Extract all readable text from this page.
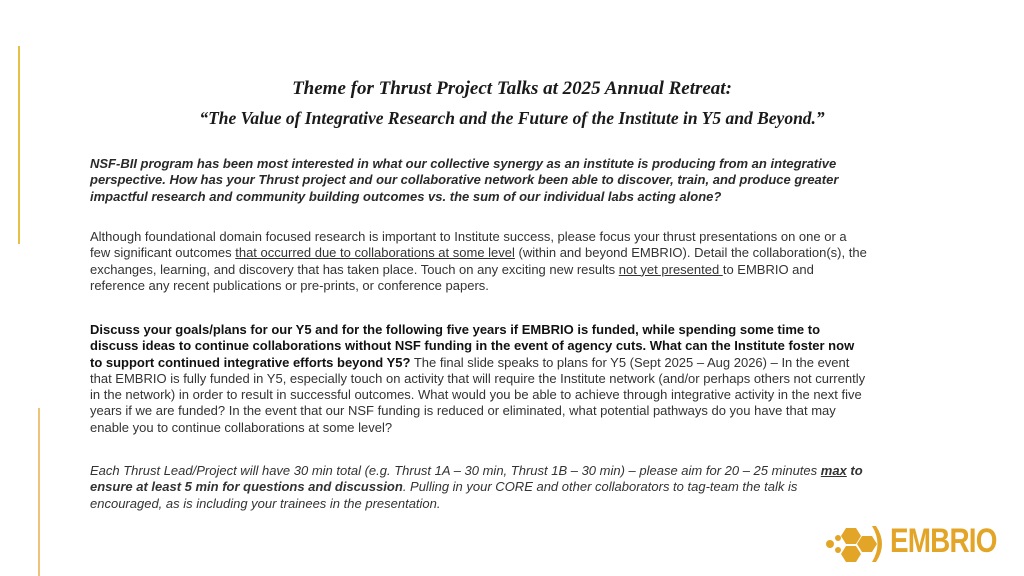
Theme for Thrust Project Talks at 2025 Annual Retreat:
“The Value of Integrative Research and the Future of the Institute in Y5 and Beyond.”
NSF-BII program has been most interested in what our collective synergy as an institute is producing from an integrative perspective. How has your Thrust project and our collaborative network been able to discover, train, and produce greater impactful research and community building outcomes vs. the sum of our individual labs acting alone?
Although foundational domain focused research is important to Institute success, please focus your thrust presentations on one or a few significant outcomes that occurred due to collaborations at some level (within and beyond EMBRIO). Detail the collaboration(s), the exchanges, learning, and discovery that has taken place. Touch on any exciting new results not yet presented to EMBRIO and reference any recent publications or pre-prints, or conference papers.
Discuss your goals/plans for our Y5 and for the following five years if EMBRIO is funded, while spending some time to discuss ideas to continue collaborations without NSF funding in the event of agency cuts. What can the Institute foster now to support continued integrative efforts beyond Y5? The final slide speaks to plans for Y5 (Sept 2025 – Aug 2026) – In the event that EMBRIO is fully funded in Y5, especially touch on activity that will require the Institute network (and/or perhaps others not currently in the network) in order to result in successful outcomes. What would you be able to achieve through integrative activity in the next five years if we are funded? In the event that our NSF funding is reduced or eliminated, what potential pathways do you have that may enable you to continue collaborations at some level?
Each Thrust Lead/Project will have 30 min total (e.g. Thrust 1A – 30 min, Thrust 1B – 30 min) – please aim for 20 – 25 minutes max to ensure at least 5 min for questions and discussion. Pulling in your CORE and other collaborators to tag-team the talk is encouraged, as is including your trainees in the presentation.
EMBRIO
